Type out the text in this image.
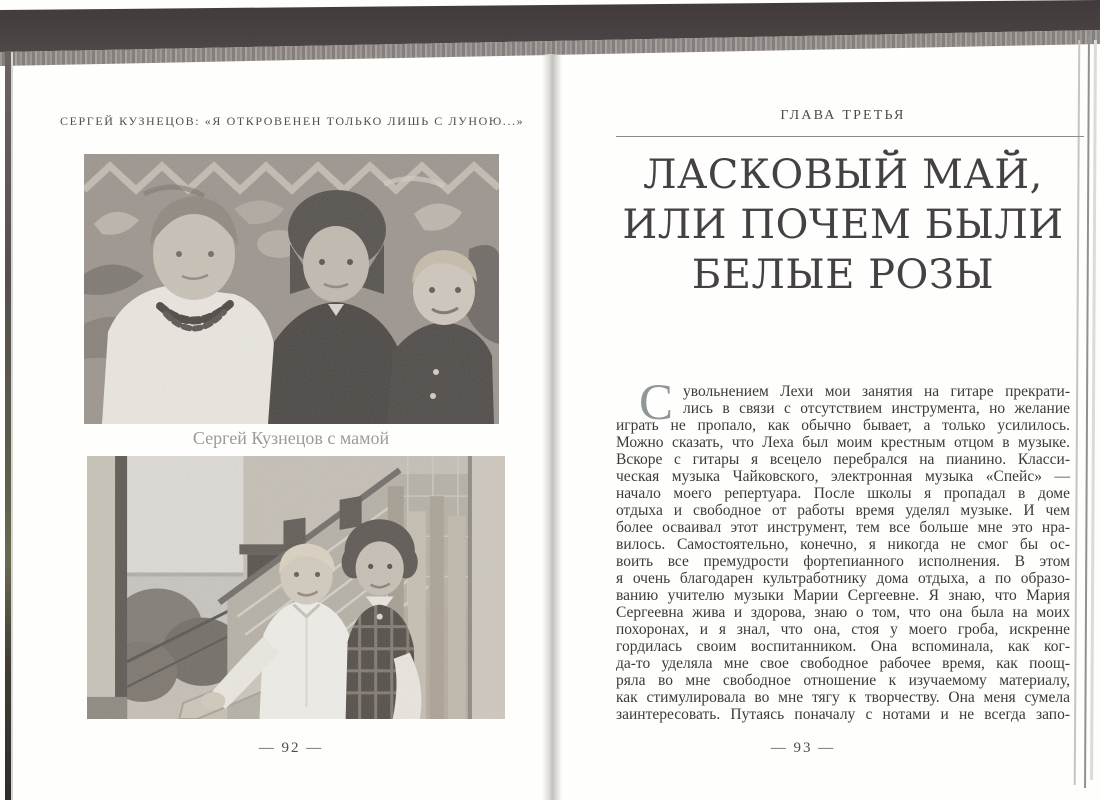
СЕРГЕЙ КУЗНЕЦОВ: «Я ОТКРОВЕНЕН ТОЛЬКО ЛИШЬ С ЛУНОЮ...»
Сергей Кузнецов с мамой
— 92 —
ГЛАВА ТРЕТЬЯ
ЛАСКОВЫЙ МАЙ,
ИЛИ ПОЧЕМ БЫЛИ
БЕЛЫЕ РОЗЫ
С увольнением Лехи мои занятия на гитаре прекрати-
лись в связи с отсутствием инструмента, но желание
играть не пропало, как обычно бывает, а только усилилось.
Можно сказать, что Леха был моим крестным отцом в музыке.
Вскоре с гитары я всецело перебрался на пианино. Класси-
ческая музыка Чайковского, электронная музыка «Спейс» —
начало моего репертуара. После школы я пропадал в доме
отдыха и свободное от работы время уделял музыке. И чем
более осваивал этот инструмент, тем все больше мне это нра-
вилось. Самостоятельно, конечно, я никогда не смог бы ос-
воить все премудрости фортепианного исполнения. В этом
я очень благодарен культработнику дома отдыха, а по образо-
ванию учителю музыки Марии Сергеевне. Я знаю, что Мария
Сергеевна жива и здорова, знаю о том, что она была на моих
похоронах, и я знал, что она, стоя у моего гроба, искренне
гордилась своим воспитанником. Она вспоминала, как ког-
да-то уделяла мне свое свободное рабочее время, как поощ-
ряла во мне свободное отношение к изучаемому материалу,
как стимулировала во мне тягу к творчеству. Она меня сумела
заинтересовать. Путаясь поначалу с нотами и не всегда запо-
— 93 —
